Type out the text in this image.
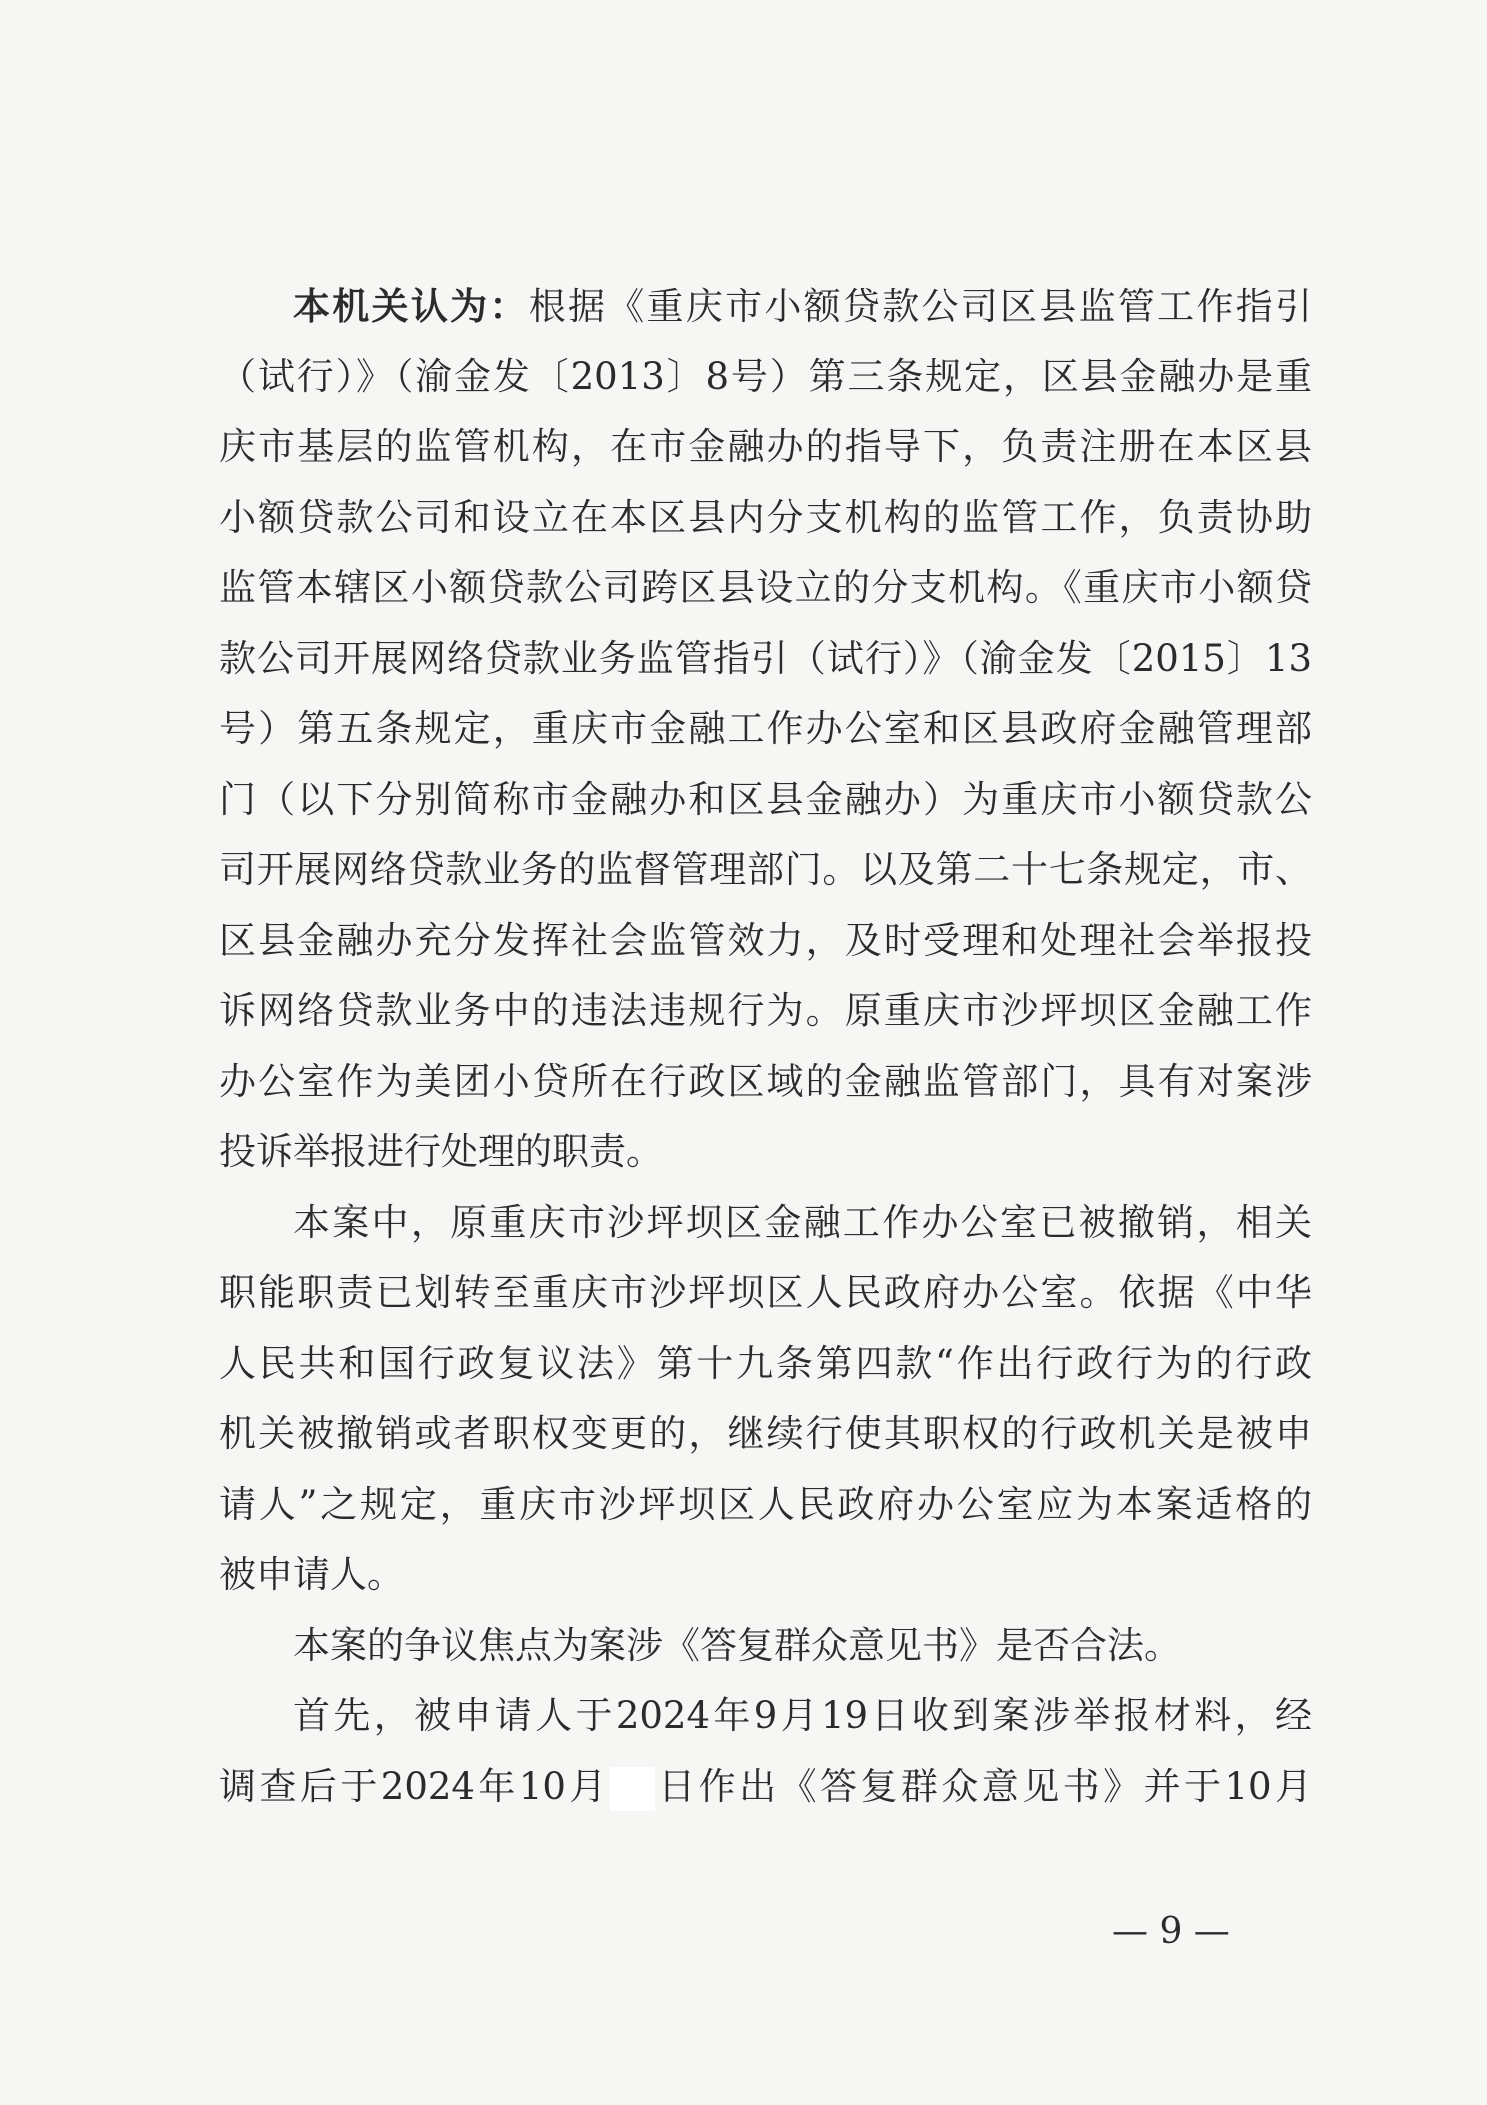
本机关认为：根据《重庆市小额贷款公司区县监管工作指引
（试行）》（渝金发〔2013〕8号）第三条规定，区县金融办是重
庆市基层的监管机构，在市金融办的指导下，负责注册在本区县
小额贷款公司和设立在本区县内分支机构的监管工作，负责协助
监管本辖区小额贷款公司跨区县设立的分支机构。《重庆市小额贷
款公司开展网络贷款业务监管指引（试行）》（渝金发〔2015〕13
号）第五条规定，重庆市金融工作办公室和区县政府金融管理部
门（以下分别简称市金融办和区县金融办）为重庆市小额贷款公
司开展网络贷款业务的监督管理部门。以及第二十七条规定，市、
区县金融办充分发挥社会监管效力，及时受理和处理社会举报投
诉网络贷款业务中的违法违规行为。原重庆市沙坪坝区金融工作
办公室作为美团小贷所在行政区域的金融监管部门，具有对案涉
投诉举报进行处理的职责。
本案中，原重庆市沙坪坝区金融工作办公室已被撤销，相关
职能职责已划转至重庆市沙坪坝区人民政府办公室。依据《中华
人民共和国行政复议法》第十九条第四款“作出行政行为的行政
机关被撤销或者职权变更的，继续行使其职权的行政机关是被申
请人”之规定，重庆市沙坪坝区人民政府办公室应为本案适格的
被申请人。
本案的争议焦点为案涉《答复群众意见书》是否合法。
首先，被申请人于2024年9月19日收到案涉举报材料，经
调查后于2024年10月 日作出《答复群众意见书》并于10月
— 9 —
